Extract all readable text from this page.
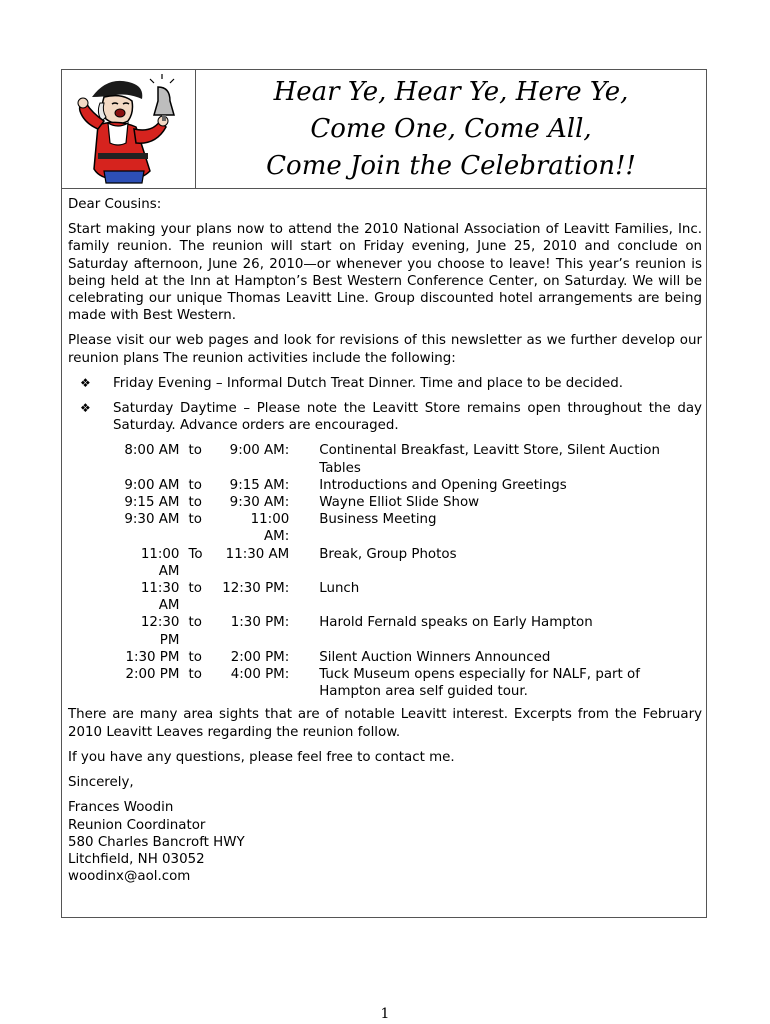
Hear Ye, Hear Ye, Here Ye,
Come One, Come All,
Come Join the Celebration!!

Dear Cousins:

Start making your plans now to attend the 2010 National Association of Leavitt Families, Inc. family reunion. The reunion will start on Friday evening, June 25, 2010 and conclude on Saturday afternoon, June 26, 2010—or whenever you choose to leave! This year’s reunion is being held at the Inn at Hampton’s Best Western Conference Center, on Saturday. We will be celebrating our unique Thomas Leavitt Line. Group discounted hotel arrangements are being made with Best Western.

Please visit our web pages and look for revisions of this newsletter as we further develop our reunion plans The reunion activities include the following:

❖ Friday Evening – Informal Dutch Treat Dinner. Time and place to be decided.
❖ Saturday Daytime – Please note the Leavitt Store remains open throughout the day Saturday. Advance orders are encouraged.
8:00 AM	to	9:00 AM:	Continental Breakfast, Leavitt Store, Silent Auction Tables
9:00 AM	to	9:15 AM:	Introductions and Opening Greetings
9:15 AM	to	9:30 AM:	Wayne Elliot Slide Show
9:30 AM	to	11:00 AM:	Business Meeting
11:00 AM	To	11:30 AM	Break, Group Photos
11:30 AM	to	12:30 PM:	Lunch
12:30 PM	to	1:30 PM:	Harold Fernald speaks on Early Hampton
1:30 PM	to	2:00 PM:	Silent Auction Winners Announced
2:00 PM	to	4:00 PM:	Tuck Museum opens especially for NALF, part of Hampton area self guided tour.

There are many area sights that are of notable Leavitt interest. Excerpts from the February 2010 Leavitt Leaves regarding the reunion follow.

If you have any questions, please feel free to contact me.

Sincerely,

Frances Woodin

Reunion Coordinator

580 Charles Bancroft HWY

Litchfield, NH 03052

woodinx@aol.com

1
